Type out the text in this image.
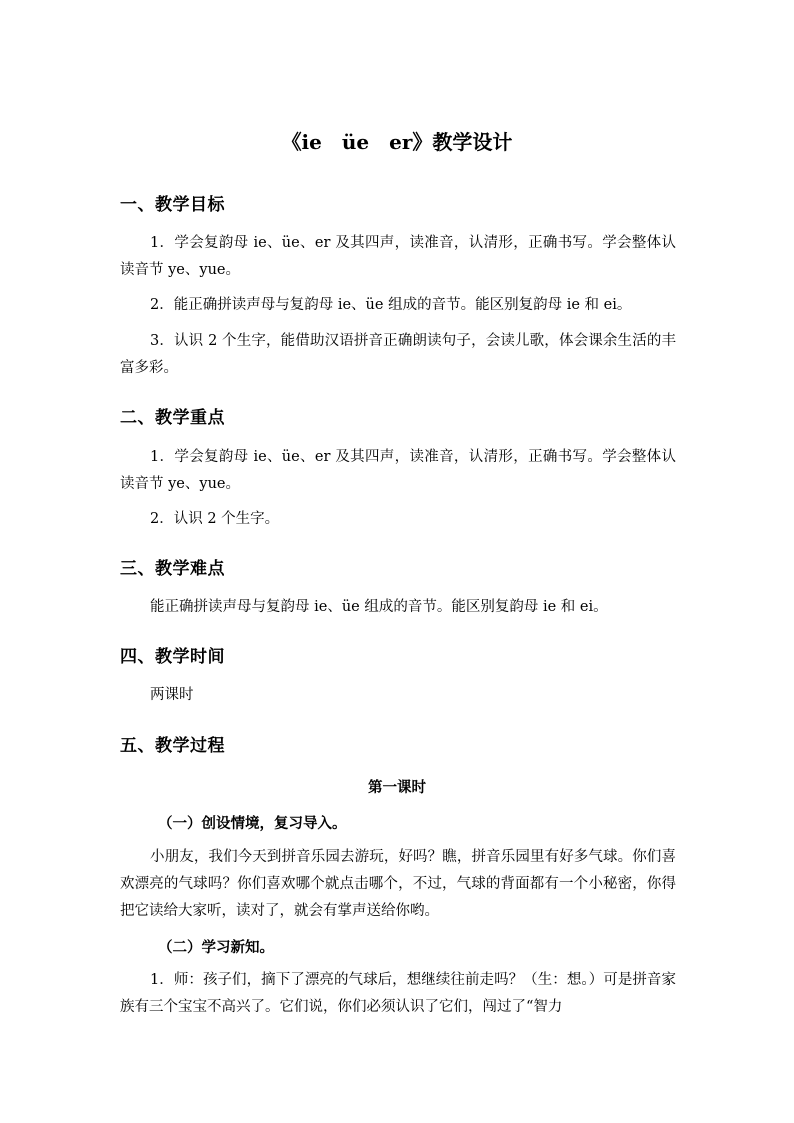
《ie　üe　er》教学设计
一、教学目标
1．学会复韵母 ie、üe、er 及其四声，读准音，认清形，正确书写。学会整体认读音节 ye、yue。
2．能正确拼读声母与复韵母 ie、üe 组成的音节。能区别复韵母 ie 和 ei。
3．认识 2 个生字，能借助汉语拼音正确朗读句子，会读儿歌，体会课余生活的丰富多彩。
二、教学重点
1．学会复韵母 ie、üe、er 及其四声，读准音，认清形，正确书写。学会整体认读音节 ye、yue。
2．认识 2 个生字。
三、教学难点
能正确拼读声母与复韵母 ie、üe 组成的音节。能区别复韵母 ie 和 ei。
四、教学时间
两课时
五、教学过程
第一课时
（一）创设情境，复习导入。
小朋友，我们今天到拼音乐园去游玩，好吗？瞧，拼音乐园里有好多气球。你们喜欢漂亮的气球吗？你们喜欢哪个就点击哪个，不过，气球的背面都有一个小秘密，你得把它读给大家听，读对了，就会有掌声送给你哟。
（二）学习新知。
1．师：孩子们，摘下了漂亮的气球后，想继续往前走吗？（生：想。）可是拼音家族有三个宝宝不高兴了。它们说，你们必须认识了它们，闯过了“智力
